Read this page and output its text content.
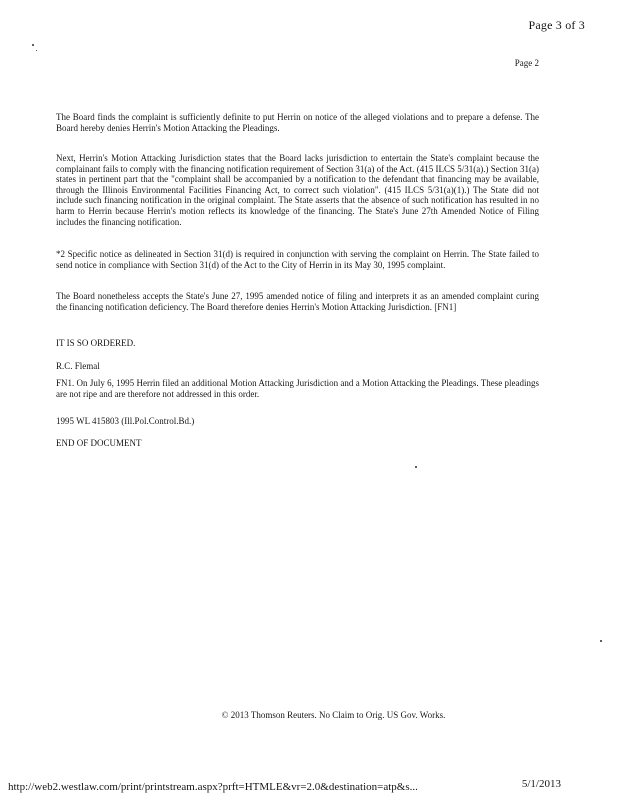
Page 3 of 3
Page 2

The Board finds the complaint is sufficiently definite to put Herrin on notice of the alleged violations and to prepare a defense. The Board hereby denies Herrin's Motion Attacking the Pleadings.

Next, Herrin's Motion Attacking Jurisdiction states that the Board lacks jurisdiction to entertain the State's complaint because the complainant fails to comply with the financing notification requirement of Section 31(a) of the Act. (415 ILCS 5/31(a).) Section 31(a) states in pertinent part that the "complaint shall be accompanied by a notification to the defendant that financing may be available, through the Illinois Environmental Facilities Financing Act, to correct such violation". (415 ILCS 5/31(a)(1).) The State did not include such financing notification in the original complaint. The State asserts that the absence of such notification has resulted in no harm to Herrin because Herrin's motion reflects its knowledge of the financing. The State's June 27th Amended Notice of Filing includes the financing notification.

*2 Specific notice as delineated in Section 31(d) is required in conjunction with serving the complaint on Herrin. The State failed to send notice in compliance with Section 31(d) of the Act to the City of Herrin in its May 30, 1995 complaint.

The Board nonetheless accepts the State's June 27, 1995 amended notice of filing and interprets it as an amended complaint curing the financing notification deficiency. The Board therefore denies Herrin's Motion Attacking Jurisdiction. [FN1]

IT IS SO ORDERED.

R.C. Flemal

FN1. On July 6, 1995 Herrin filed an additional Motion Attacking Jurisdiction and a Motion Attacking the Pleadings. These pleadings are not ripe and are therefore not addressed in this order.

1995 WL 415803 (Ill.Pol.Control.Bd.)

END OF DOCUMENT

© 2013 Thomson Reuters. No Claim to Orig. US Gov. Works.
http://web2.westlaw.com/print/printstream.aspx?prft=HTMLE&vr=2.0&destination=atp&s...	5/1/2013
